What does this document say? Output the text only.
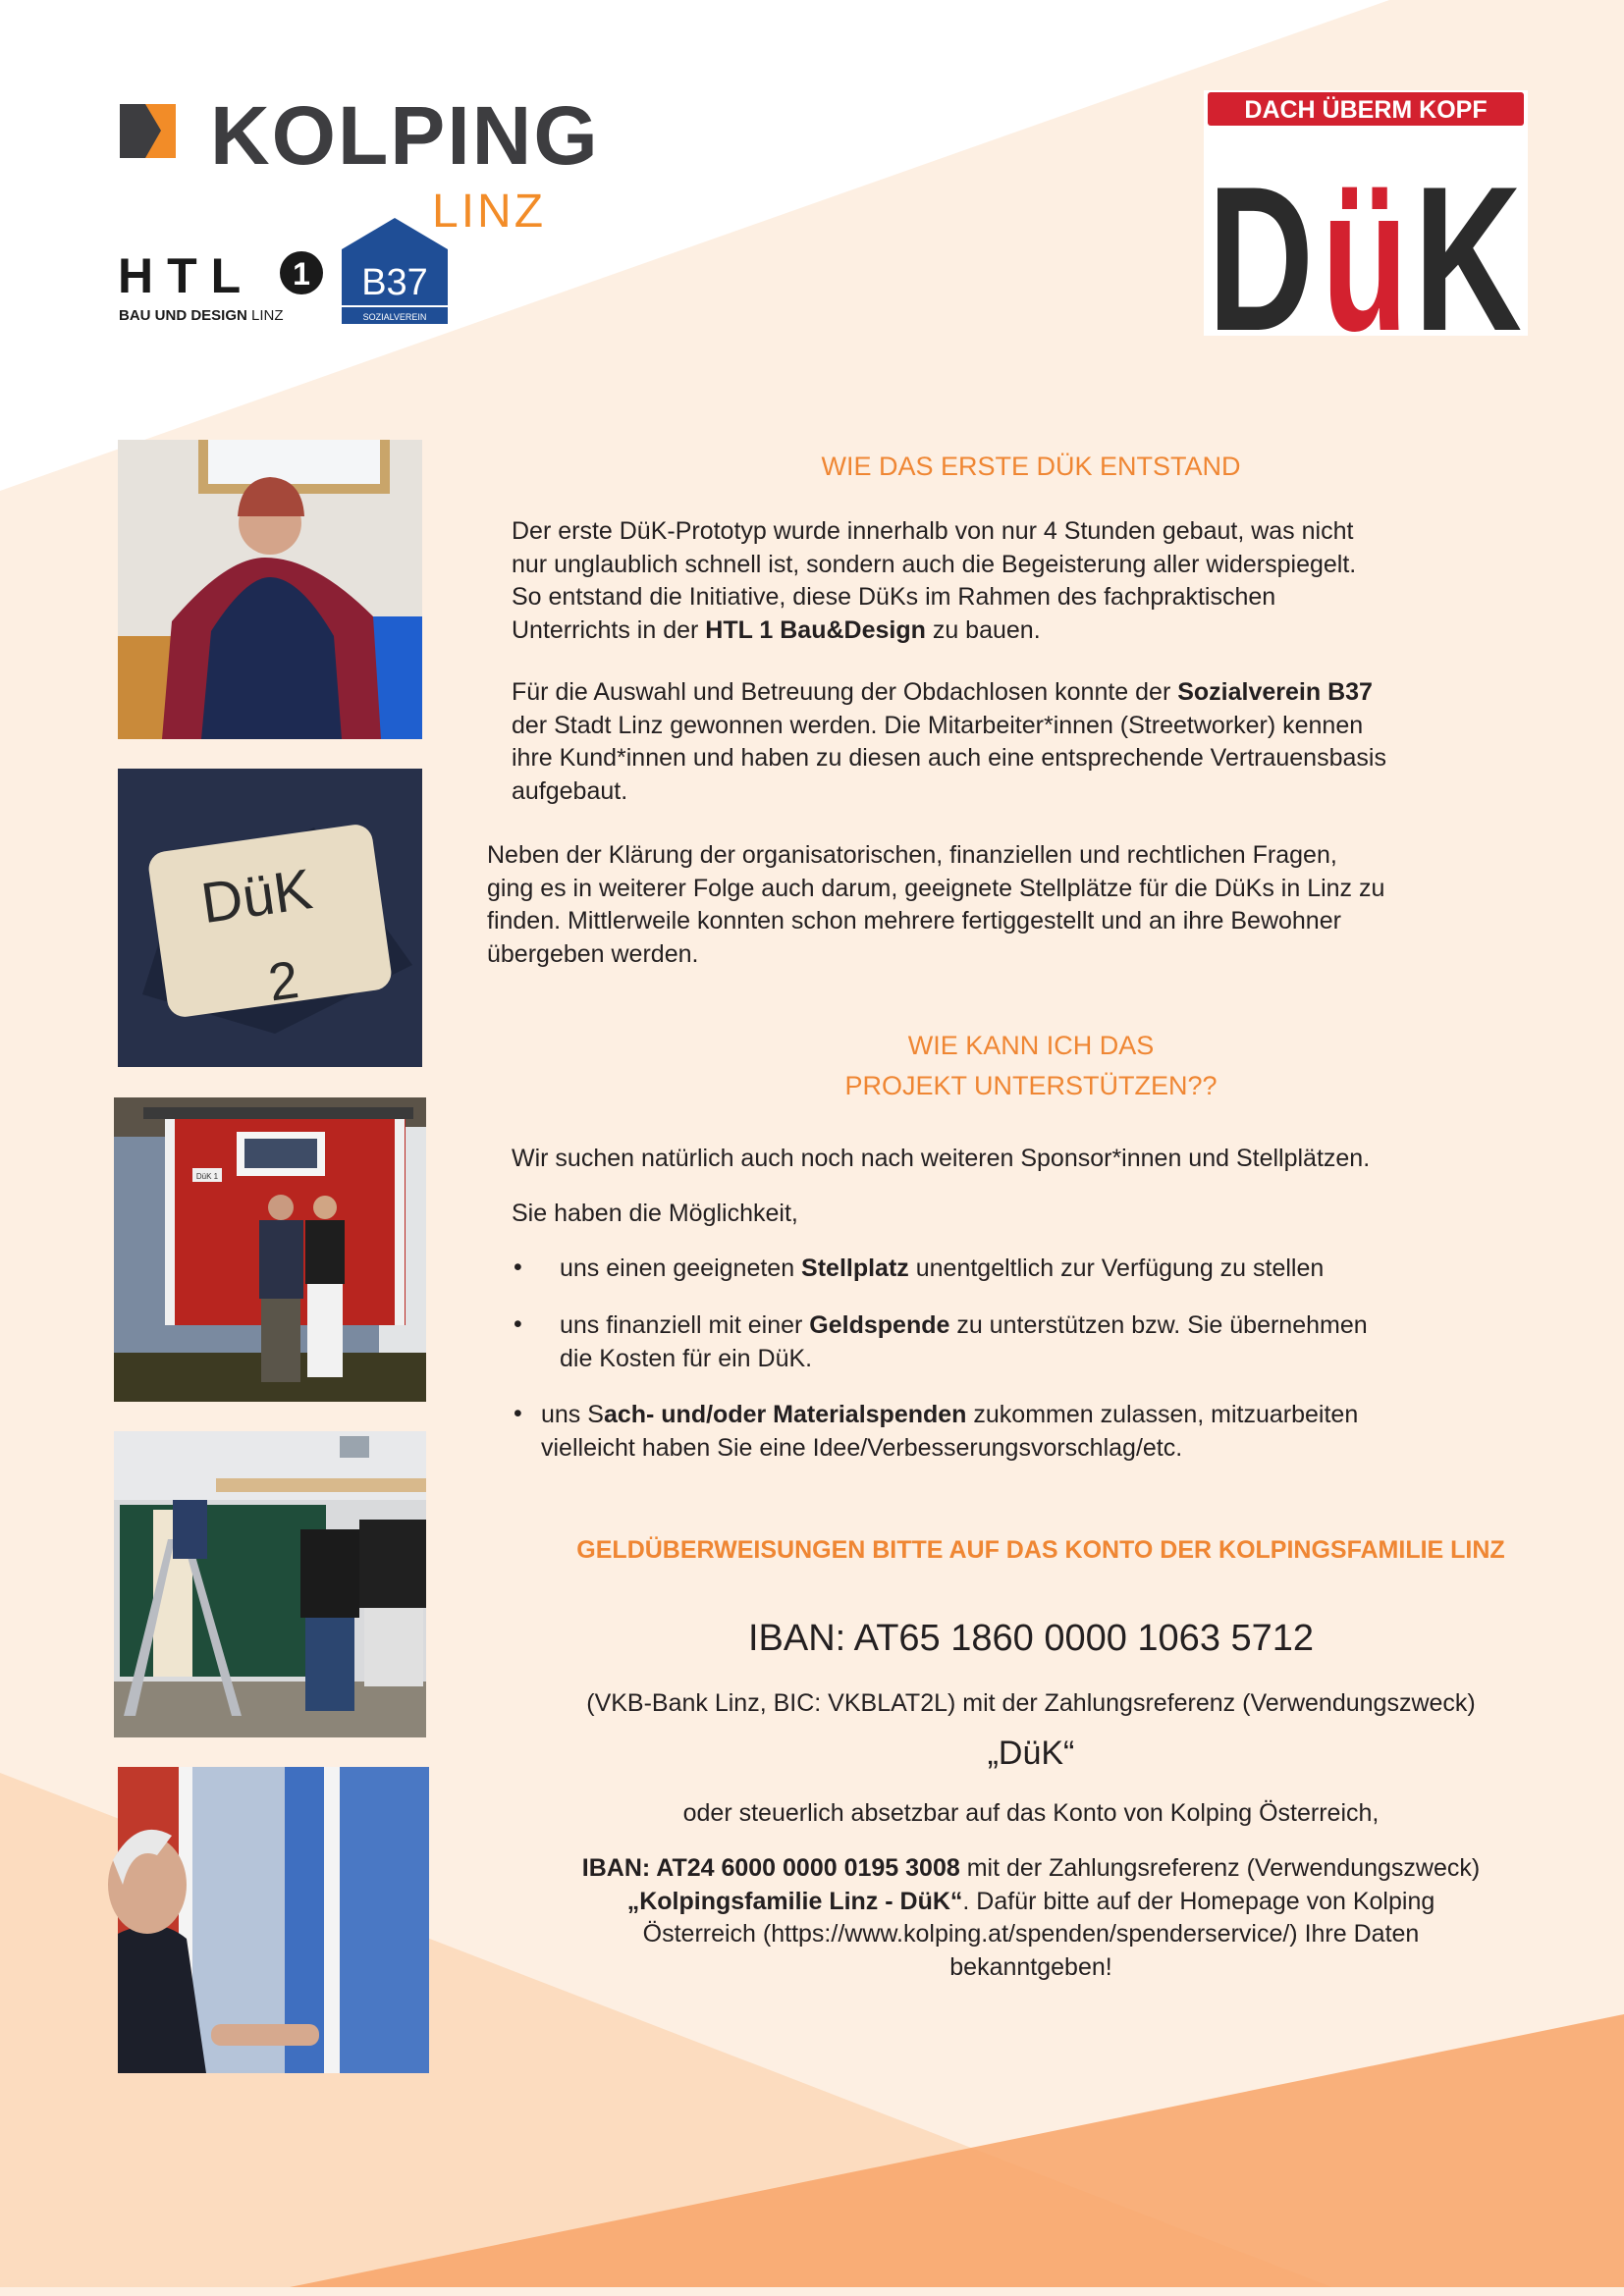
KOLPING
LINZ
HTL 1
BAU UND DESIGN LINZ
B37
SOZIALVEREIN
DACH ÜBERM KOPF
D ü K
DüK
2
DüK 1
WIE DAS ERSTE DÜK ENTSTAND
Der erste DüK-Prototyp wurde innerhalb von nur 4 Stunden gebaut, was nicht
nur unglaublich schnell ist, sondern auch die Begeisterung aller widerspiegelt.
So entstand die Initiative, diese DüKs im Rahmen des fachpraktischen
Unterrichts in der HTL 1 Bau&Design zu bauen.
Für die Auswahl und Betreuung der Obdachlosen konnte der Sozialverein B37
der Stadt Linz gewonnen werden. Die Mitarbeiter*innen (Streetworker) kennen
ihre Kund*innen und haben zu diesen auch eine entsprechende Vertrauensbasis
aufgebaut.
Neben der Klärung der organisatorischen, finanziellen und rechtlichen Fragen,
ging es in weiterer Folge auch darum, geeignete Stellplätze für die DüKs in Linz zu
finden. Mittlerweile konnten schon mehrere fertiggestellt und an ihre Bewohner
übergeben werden.
WIE KANN ICH DAS
PROJEKT UNTERSTÜTZEN??
Wir suchen natürlich auch noch nach weiteren Sponsor*innen und Stellplätzen.
Sie haben die Möglichkeit,
• uns einen geeigneten Stellplatz unentgeltlich zur Verfügung zu stellen
• uns finanziell mit einer Geldspende zu unterstützen bzw. Sie übernehmen
die Kosten für ein DüK.
• uns Sach- und/oder Materialspenden zukommen zulassen, mitzuarbeiten
vielleicht haben Sie eine Idee/Verbesserungsvorschlag/etc.
GELDÜBERWEISUNGEN BITTE AUF DAS KONTO DER KOLPINGSFAMILIE LINZ
IBAN: AT65 1860 0000 1063 5712
(VKB-Bank Linz, BIC: VKBLAT2L) mit der Zahlungsreferenz (Verwendungszweck)
„DüK“
oder steuerlich absetzbar auf das Konto von Kolping Österreich,
IBAN: AT24 6000 0000 0195 3008 mit der Zahlungsreferenz (Verwendungszweck)
„Kolpingsfamilie Linz - DüK“. Dafür bitte auf der Homepage von Kolping
Österreich (https://www.kolping.at/spenden/spenderservice/) Ihre Daten
bekanntgeben!
